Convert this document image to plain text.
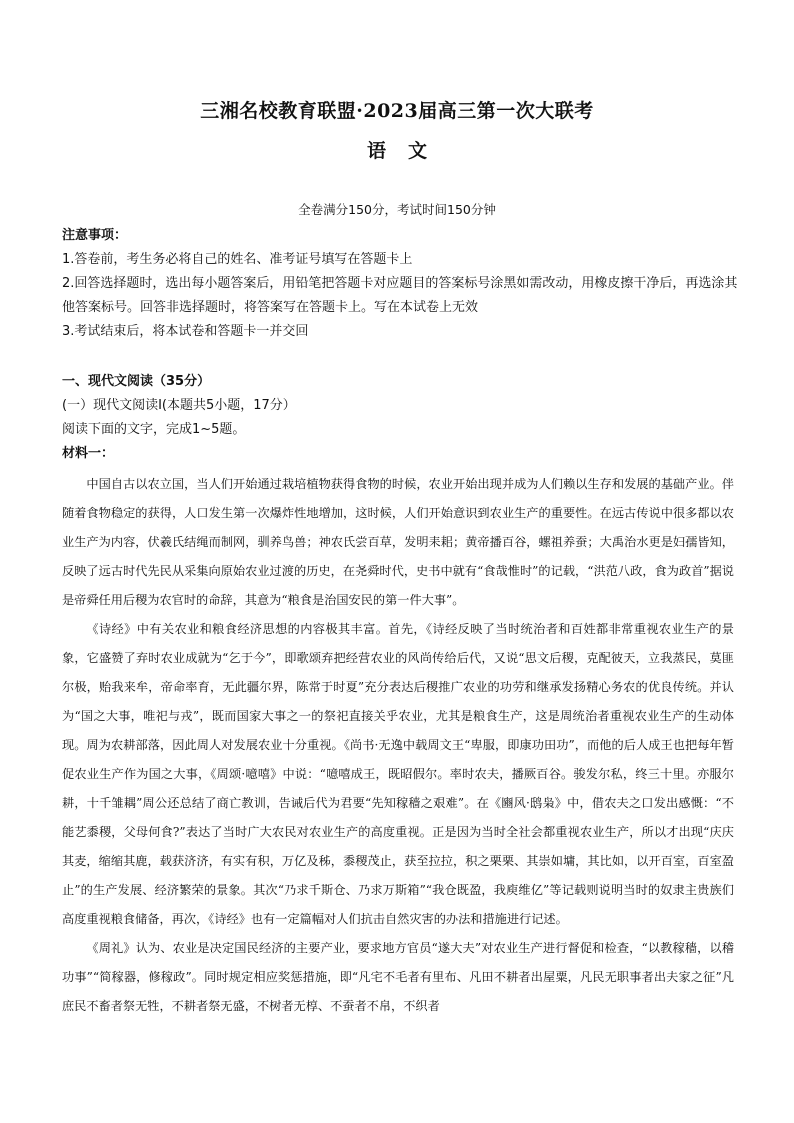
三湘名校教育联盟·2023届高三第一次大联考
语文
全卷满分150分，考试时间150分钟

注意事项：

1.答卷前，考生务必将自己的姓名、准考证号填写在答题卡上

2.回答选择题时，选出每小题答案后，用铅笔把答题卡对应题目的答案标号涂黑如需改动，用橡皮擦干净后，再选涂其他答案标号。回答非选择题时，将答案写在答题卡上。写在本试卷上无效

3.考试结束后，将本试卷和答题卡一并交回

一、现代文阅读（35分）

(一）现代文阅读I(本题共5小题，17分）

阅读下面的文字，完成1~5题。

材料一：

中国自古以农立国，当人们开始通过栽培植物获得食物的时候，农业开始出现并成为人们赖以生存和发展的基础产业。伴随着食物稳定的获得，人口发生第一次爆炸性地增加，这时候，人们开始意识到农业生产的重要性。在远古传说中很多都以农业生产为内容，伏羲氏结绳而制网，驯养鸟兽；神农氏尝百草，发明耒耜；黄帝播百谷，螺祖养蚕；大禹治水更是妇孺皆知，反映了远古时代先民从采集向原始农业过渡的历史，在尧舜时代，史书中就有“食哉惟时”的记载，“洪范八政，食为政首”据说是帝舜任用后稷为农官时的命辞，其意为“粮食是治国安民的第一件大事”。

《诗经》中有关农业和粮食经济思想的内容极其丰富。首先，《诗经反映了当时统治者和百姓都非常重视农业生产的景象，它盛赞了弃时农业成就为“乞于今”，即歌颂弃把经营农业的风尚传给后代，又说“思文后稷，克配彼天，立我蒸民，莫匪尔极，贻我来牟，帝命率育，无此疆尔界，陈常于时夏”充分表达后稷推广农业的功劳和继承发扬精心务农的优良传统。并认为“国之大事，唯祀与戎”，既而国家大事之一的祭祀直接关乎农业，尤其是粮食生产，这是周统治者重视农业生产的生动体现。周为农耕部落，因此周人对发展农业十分重视。《尚书·无逸中载周文王“卑服，即康功田功”，而他的后人成王也把每年暂促农业生产作为国之大事，《周颂·噫嘻》中说：“噫嘻成王，既昭假尔。率时农夫，播厥百谷。骏发尔私，终三十里。亦服尔耕，十千雏耦”周公还总结了商亡教训，告诫后代为君要“先知稼穑之艰难”。在《豳风·鸱枭》中，借农夫之口发出感慨：“不能艺黍稷，父母何食?”表达了当时广大农民对农业生产的高度重视。正是因为当时全社会都重视农业生产，所以才出现“庆庆其麦，缩缩其鹿，载获济济，有实有积，万亿及秭，黍稷茂止，获至拉拉，积之栗栗、其崇如墉，其比如，以开百室，百室盈止”的生产发展、经济繁荣的景象。其次“乃求千斯仓、乃求万斯箱”“我仓既盈，我庾维亿”等记载则说明当时的奴隶主贵族们高度重视粮食储备，再次，《诗经》也有一定篇幅对人们抗击自然灾害的办法和措施进行记述。

《周礼》认为、农业是决定国民经济的主要产业，要求地方官员“遂大夫”对农业生产进行督促和检查，“以教稼穑，以稽功事”“简稼器，修稼政”。同时规定相应奖惩措施，即“凡宅不毛者有里布、凡田不耕者出屋粟，凡民无职事者出夫家之征”凡庶民不畜者祭无牲，不耕者祭无盛，不树者无椁、不蚕者不帛，不织者
